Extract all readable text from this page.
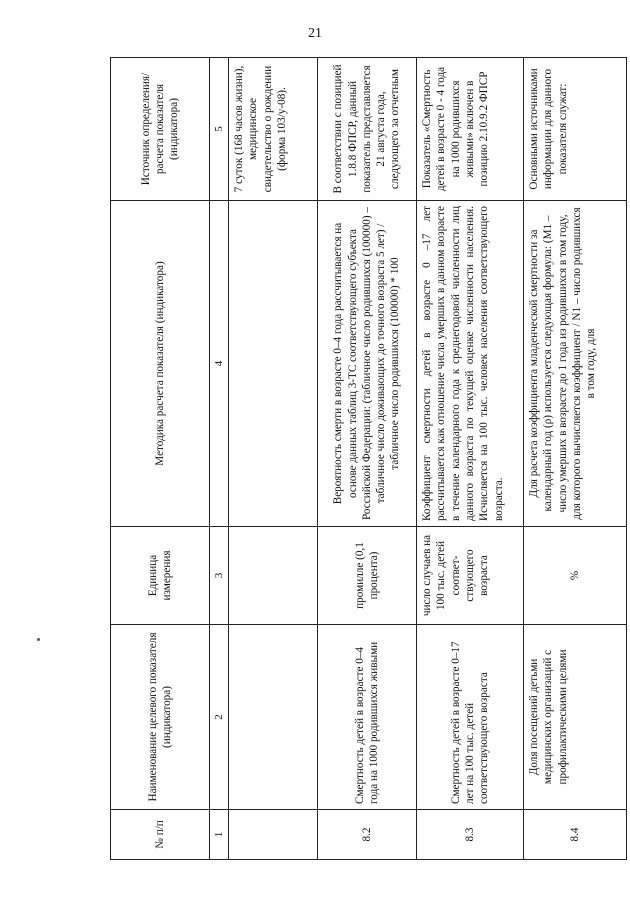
21
№ п/п	Наименование целевого показателя (индикатора)	Единица измерения	Методика расчета показателя (индикатора)	Источник определения/ расчета показателя (индикатора)
1	2	3	4	5
				7 суток (168 часов жизни), медицинское свидетельство о рождении (форма 103/у-08).
8.2	Смертность детей в возрасте 0–4 года на 1000 родившихся живыми	промилле (0,1 процента)	Вероятность смерти в возрасте 0–4 года рассчитывается на основе данных таблиц 3-ТС соответствующего субъекта Российской Федерации: (табличное число родившихся (100000) – табличное число доживающих до точного возраста 5 лет) / табличное число родившихся (100000) * 100	В соответствии с позицией 1.8.8 ФПСР, данный показатель представляется 21 августа года, следующего за отчетным
8.3	Смертность детей в возрасте 0–17 лет на 100 тыс. детей соответствующего возраста	число случаев на 100 тыс. детей соответ-ствующего возраста	Коэффициент смертности детей в возрасте 0 –17 лет рассчитывается как отношение числа умерших в данном возрасте в течение календарного года к среднегодовой численности лиц данного возраста по текущей оценке численности населения. Исчисляется на 100 тыс. человек населения соответствующего возраста.	Показатель «Смертность детей в возрасте 0 - 4 года на 1000 родившихся живыми» включен в позицию 2.10.9.2 ФПСР
8.4	Доля посещений детьми медицинских организаций с профилактическими целями	%	Для расчета коэффициента младенческой смертности за календарный год (ρ) используется следующая формула: (М1 – число умерших в возрасте до 1 года из родившихся в том году, для которого вычисляется коэффициент / N1 – число родившихся в том году, для	Основными источниками информации для данного показателя служат:
